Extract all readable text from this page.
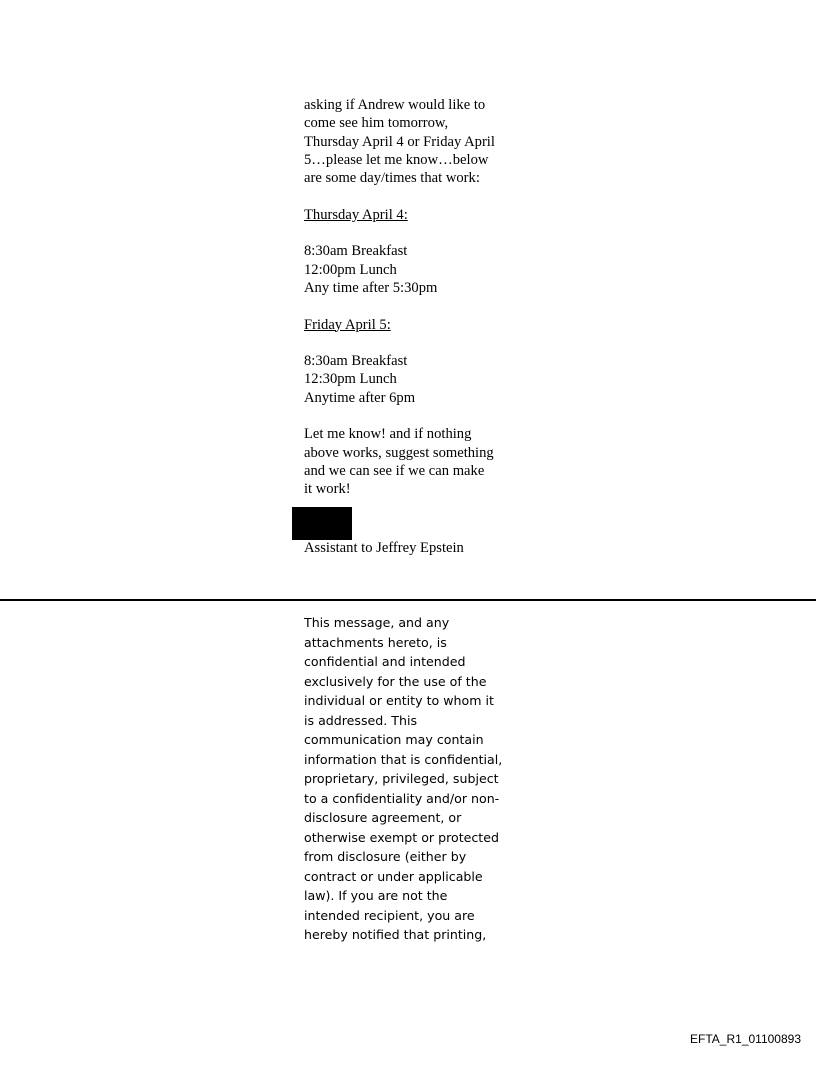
asking if Andrew would like to
come see him tomorrow,
Thursday April 4 or Friday April
5…please let me know…below
are some day/times that work:

Thursday April 4:

8:30am Breakfast
12:00pm Lunch
Any time after 5:30pm

Friday April 5:

8:30am Breakfast
12:30pm Lunch
Anytime after 6pm

Let me know! and if nothing
above works, suggest something
and we can see if we can make
it work!

Assistant to Jeffrey Epstein
This message, and any
attachments hereto, is
confidential and intended
exclusively for the use of the
individual or entity to whom it
is addressed. This
communication may contain
information that is confidential,
proprietary, privileged, subject
to a confidentiality and/or non-
disclosure agreement, or
otherwise exempt or protected
from disclosure (either by
contract or under applicable
law). If you are not the
intended recipient, you are
hereby notified that printing,
EFTA_R1_01100893
